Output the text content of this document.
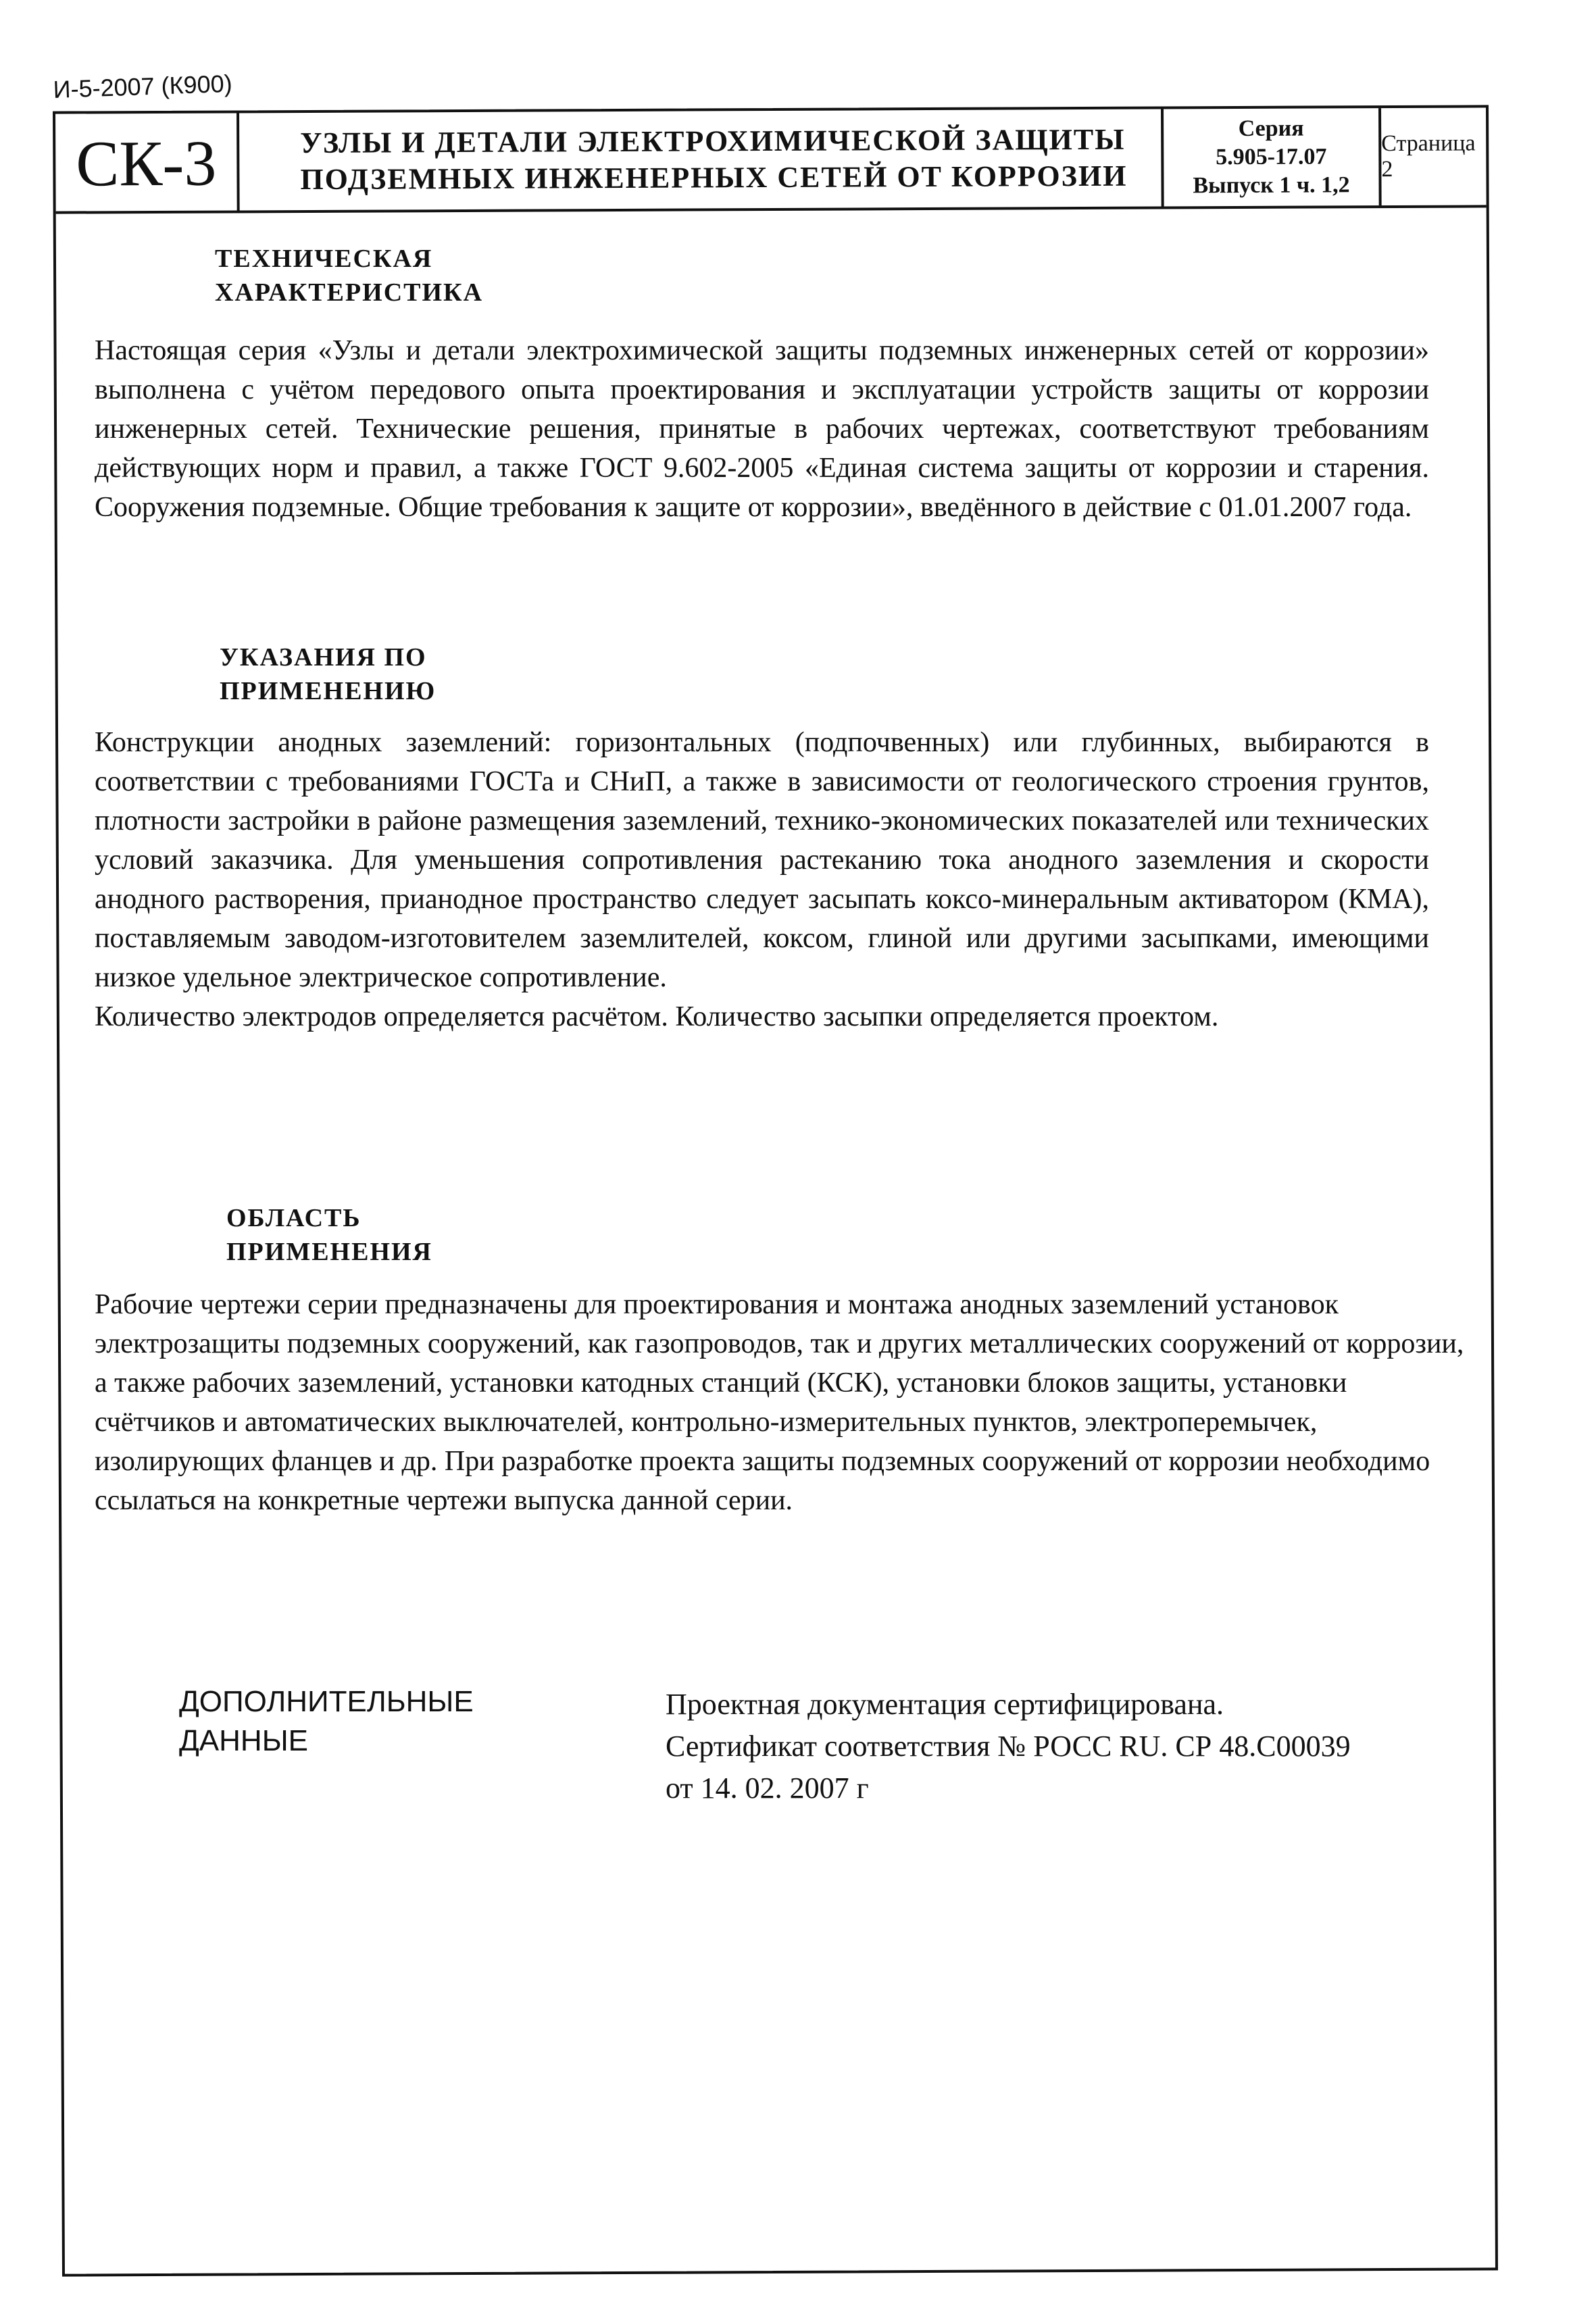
И-5-2007 (К900)
СК-3	УЗЛЫ И ДЕТАЛИ ЭЛЕКТРОХИМИЧЕСКОЙ ЗАЩИТЫ
ПОДЗЕМНЫХ ИНЖЕНЕРНЫХ СЕТЕЙ ОТ КОРРОЗИИ
Серия
5.905-17.07
Выпуск 1 ч. 1,2
Страница 2
ТЕХНИЧЕСКАЯ
ХАРАКТЕРИСТИКА
Настоящая серия «Узлы и детали электрохимической защиты подземных инженерных сетей от коррозии» выполнена с учётом передового опыта проектирования и эксплуатации устройств защиты от коррозии инженерных сетей. Технические решения, принятые в рабочих чертежах, соответствуют требованиям действующих норм и правил, а также ГОСТ 9.602-2005 «Единая система защиты от коррозии и старения. Сооружения подземные. Общие требования к защите от коррозии», введённого в действие с 01.01.2007 года.
УКАЗАНИЯ ПО
ПРИМЕНЕНИЮ

Конструкции анодных заземлений: горизонтальных (подпочвенных) или глубинных, выбираются в соответствии с требованиями ГОСТа и СНиП, а также в зависимости от геологического строения грунтов, плотности застройки в районе размещения заземлений, технико-экономических показателей или технических условий заказчика. Для уменьшения сопротивления растеканию тока анодного заземления и скорости анодного растворения, прианодное пространство следует засыпать коксо-минеральным активатором (КМА), поставляемым заводом-изготовителем заземлителей, коксом, глиной или другими засыпками, имеющими низкое удельное электрическое сопротивление.

Количество электродов определяется расчётом. Количество засыпки определяется проектом.

ОБЛАСТЬ
ПРИМЕНЕНИЯ
Рабочие чертежи серии предназначены для проектирования и монтажа анодных заземлений установок электрозащиты подземных сооружений, как газопроводов, так и других металлических сооружений от коррозии, а также рабочих заземлений, установки катодных станций (КСК), установки блоков защиты, установки счётчиков и автоматических выключателей, контрольно-измерительных пунктов, электроперемычек, изолирующих фланцев и др. При разработке проекта защиты подземных сооружений от коррозии необходимо ссылаться на конкретные чертежи выпуска данной серии.
ДОПОЛНИТЕЛЬНЫЕ
ДАННЫЕ
Проектная документация сертифицирована.
Сертификат соответствия № РОСС RU. СР 48.С00039
от 14. 02. 2007 г
